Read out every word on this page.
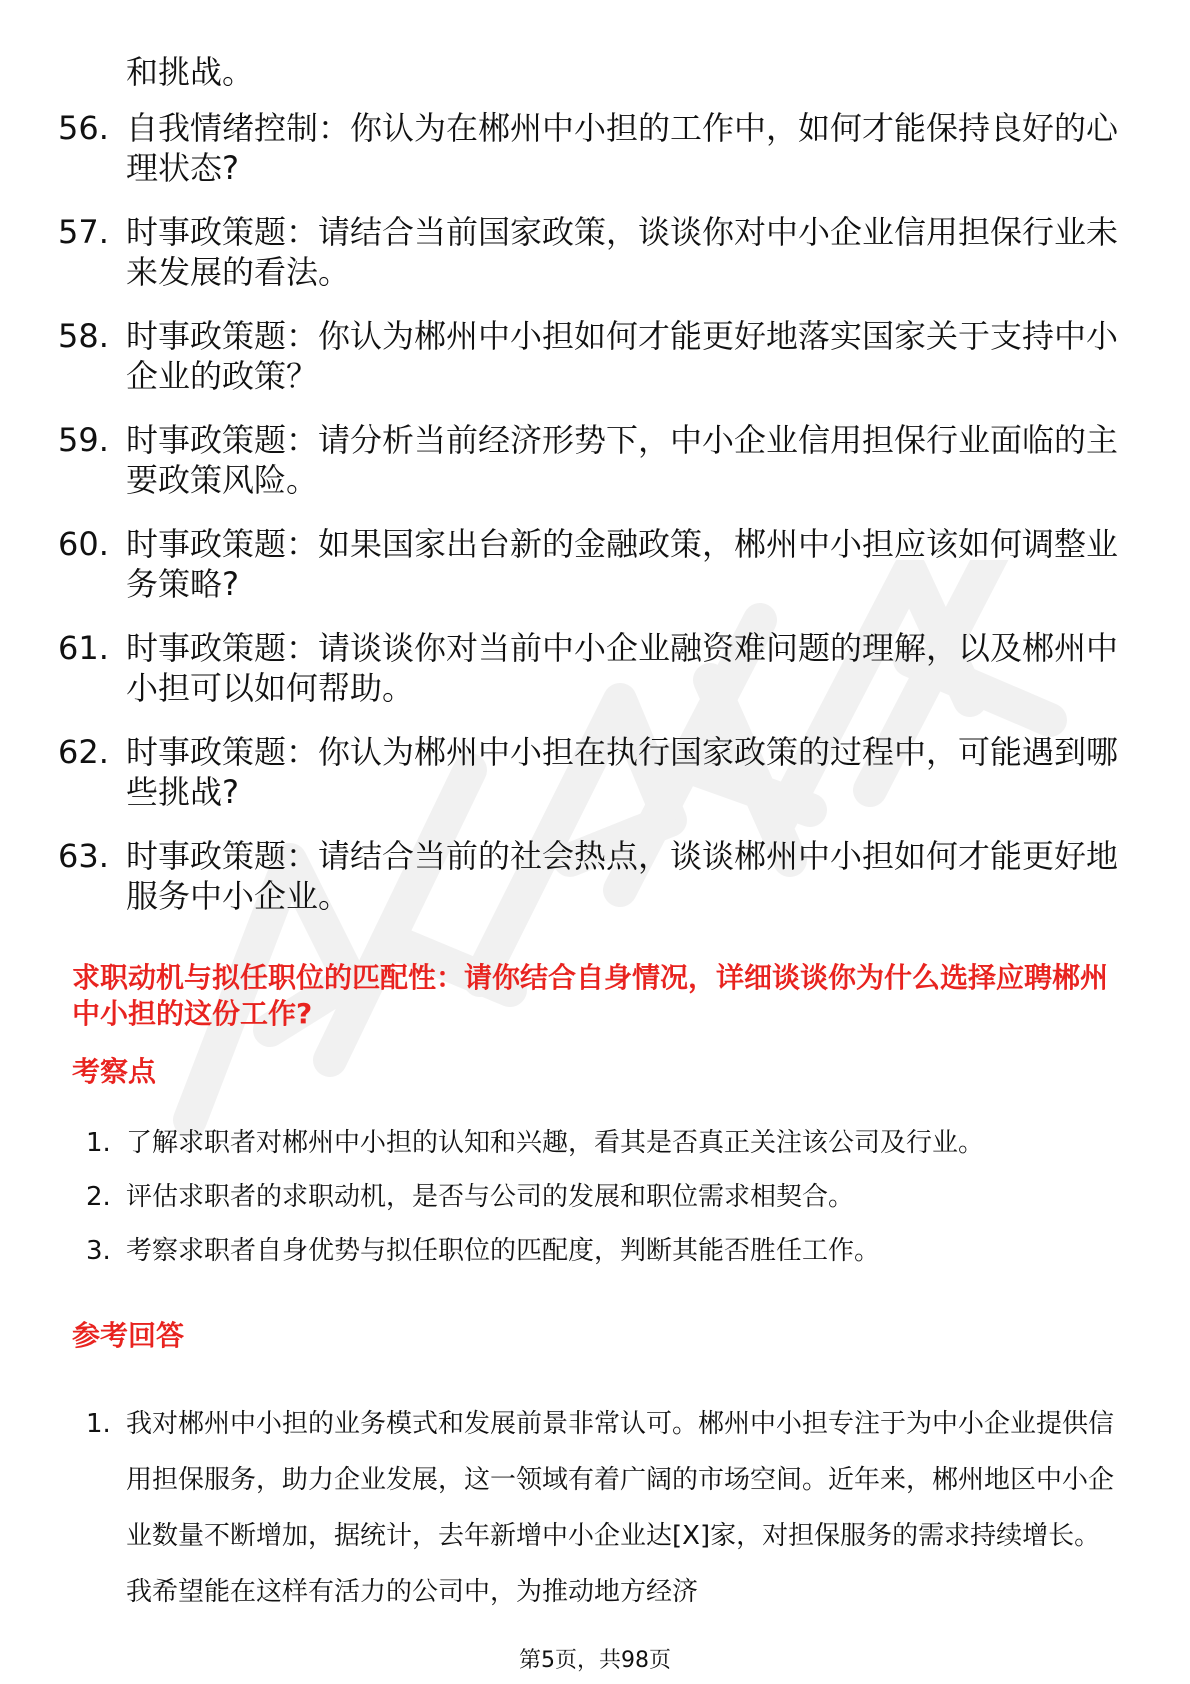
和挑战。

56. 自我情绪控制：你认为在郴州中小担的工作中，如何才能保持良好的心理状态?
57. 时事政策题：请结合当前国家政策，谈谈你对中小企业信用担保行业未来发展的看法。
58. 时事政策题：你认为郴州中小担如何才能更好地落实国家关于支持中小企业的政策？
59. 时事政策题：请分析当前经济形势下，中小企业信用担保行业面临的主要政策风险。
60. 时事政策题：如果国家出台新的金融政策，郴州中小担应该如何调整业务策略?
61. 时事政策题：请谈谈你对当前中小企业融资难问题的理解，以及郴州中小担可以如何帮助。
62. 时事政策题：你认为郴州中小担在执行国家政策的过程中，可能遇到哪些挑战?
63. 时事政策题：请结合当前的社会热点，谈谈郴州中小担如何才能更好地服务中小企业。
求职动机与拟任职位的匹配性：请你结合自身情况，详细谈谈你为什么选择应聘郴州中小担的这份工作?
考察点
1. 了解求职者对郴州中小担的认知和兴趣，看其是否真正关注该公司及行业。
2. 评估求职者的求职动机，是否与公司的发展和职位需求相契合。
3. 考察求职者自身优势与拟任职位的匹配度，判断其能否胜任工作。
参考回答
1. 我对郴州中小担的业务模式和发展前景非常认可。郴州中小担专注于为中小企业提供信用担保服务，助力企业发展，这一领域有着广阔的市场空间。近年来，郴州地区中小企业数量不断增加，据统计，去年新增中小企业达[X]家，对担保服务的需求持续增长。我希望能在这样有活力的公司中，为推动地方经济
第5页，共98页
